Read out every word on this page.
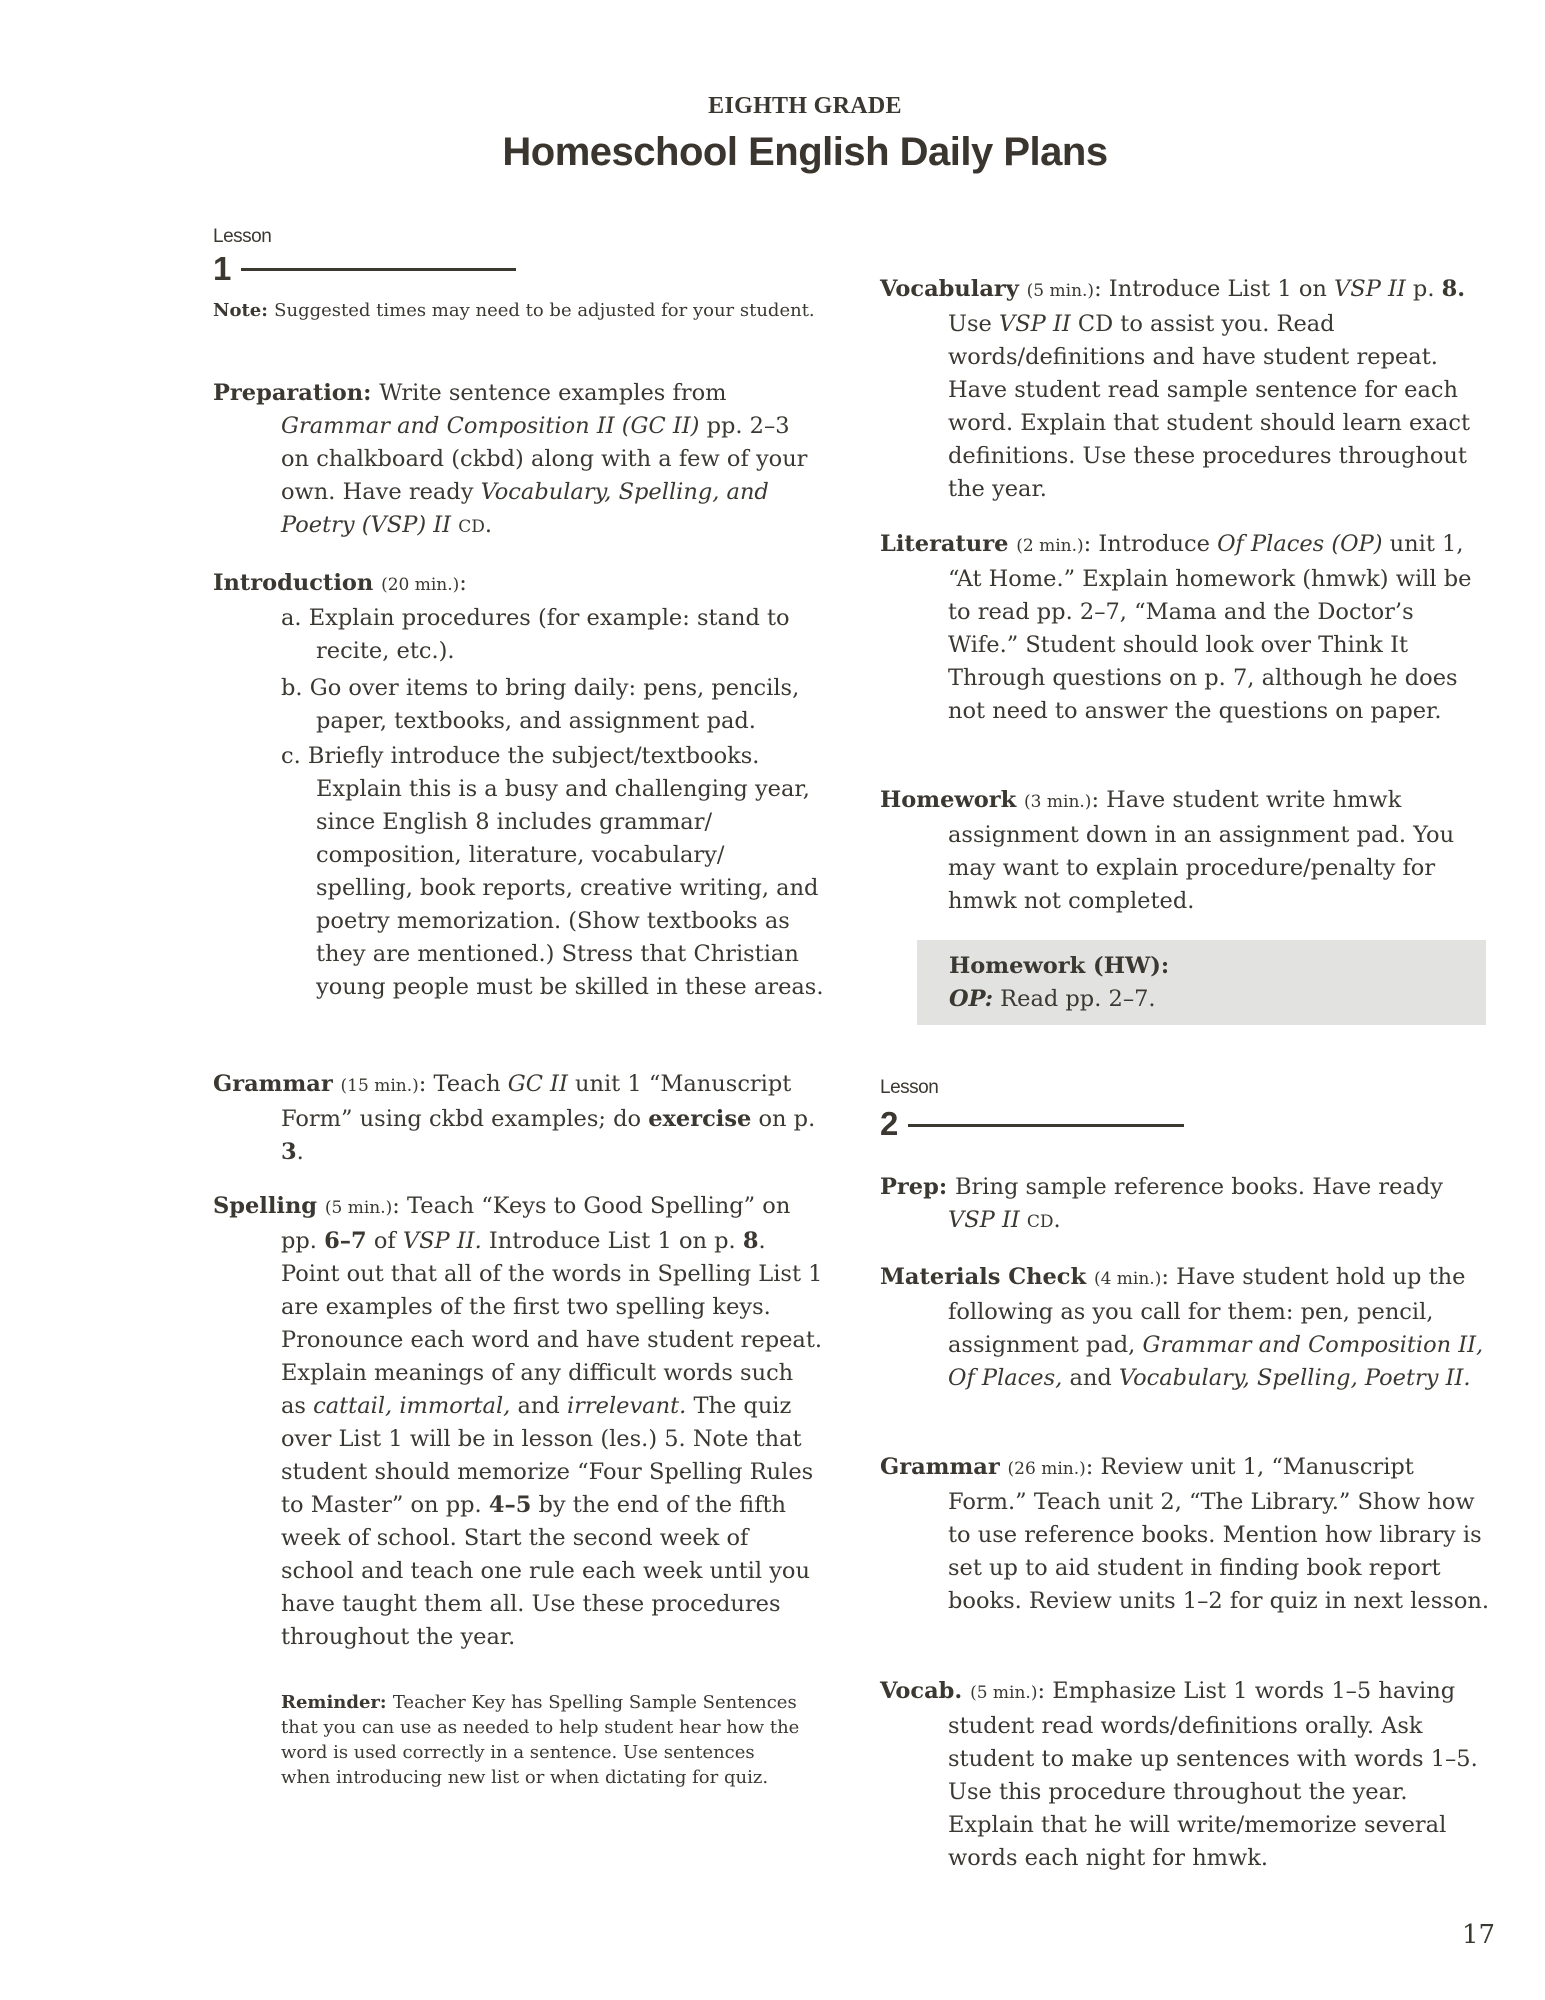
EIGHTH GRADE
Homeschool English Daily Plans
Lesson
1
Note: Suggested times may need to be adjusted for your student.
Preparation: Write sentence examples from Grammar and Composition II (GC II) pp. 2–3 on chalkboard (ckbd) along with a few of your own. Have ready Vocabulary, Spelling, and Poetry (VSP) II CD.
Introduction (20 min.):
a. Explain procedures (for example: stand to recite, etc.).
b. Go over items to bring daily: pens, pencils, paper, textbooks, and assignment pad.
c. Briefly introduce the subject/textbooks. Explain this is a busy and challenging year, since English 8 includes grammar/ composition, literature, vocabulary/ spelling, book reports, creative writing, and poetry memorization. (Show textbooks as they are mentioned.) Stress that Christian young people must be skilled in these areas.
Grammar (15 min.): Teach GC II unit 1 “Manuscript Form” using ckbd examples; do exercise on p. 3.
Spelling (5 min.): Teach “Keys to Good Spelling” on pp. 6–7 of VSP II. Introduce List 1 on p. 8. Point out that all of the words in Spelling List 1 are examples of the first two spelling keys. Pronounce each word and have student repeat. Explain meanings of any difficult words such as cattail, immortal, and irrelevant. The quiz over List 1 will be in lesson (les.) 5. Note that student should memorize “Four Spelling Rules to Master” on pp. 4–5 by the end of the fifth week of school. Start the second week of school and teach one rule each week until you have taught them all. Use these procedures throughout the year.
Reminder: Teacher Key has Spelling Sample Sentences that you can use as needed to help student hear how the word is used correctly in a sentence. Use sentences when introducing new list or when dictating for quiz.
Vocabulary (5 min.): Introduce List 1 on VSP II p. 8. Use VSP II CD to assist you. Read words/definitions and have student repeat. Have student read sample sentence for each word. Explain that student should learn exact definitions. Use these procedures throughout the year.
Literature (2 min.): Introduce Of Places (OP) unit 1, “At Home.” Explain homework (hmwk) will be to read pp. 2–7, “Mama and the Doctor’s Wife.” Student should look over Think It Through questions on p. 7, although he does not need to answer the questions on paper.
Homework (3 min.): Have student write hmwk assignment down in an assignment pad. You may want to explain procedure/penalty for hmwk not completed.
Homework (HW):
OP: Read pp. 2–7.
Lesson
2
Prep: Bring sample reference books. Have ready VSP II CD.
Materials Check (4 min.): Have student hold up the following as you call for them: pen, pencil, assignment pad, Grammar and Composition II, Of Places, and Vocabulary, Spelling, Poetry II.
Grammar (26 min.): Review unit 1, “Manuscript Form.” Teach unit 2, “The Library.” Show how to use reference books. Mention how library is set up to aid student in finding book report books. Review units 1–2 for quiz in next lesson.
Vocab. (5 min.): Emphasize List 1 words 1–5 having student read words/definitions orally. Ask student to make up sentences with words 1–5. Use this procedure throughout the year. Explain that he will write/memorize several words each night for hmwk.
17
